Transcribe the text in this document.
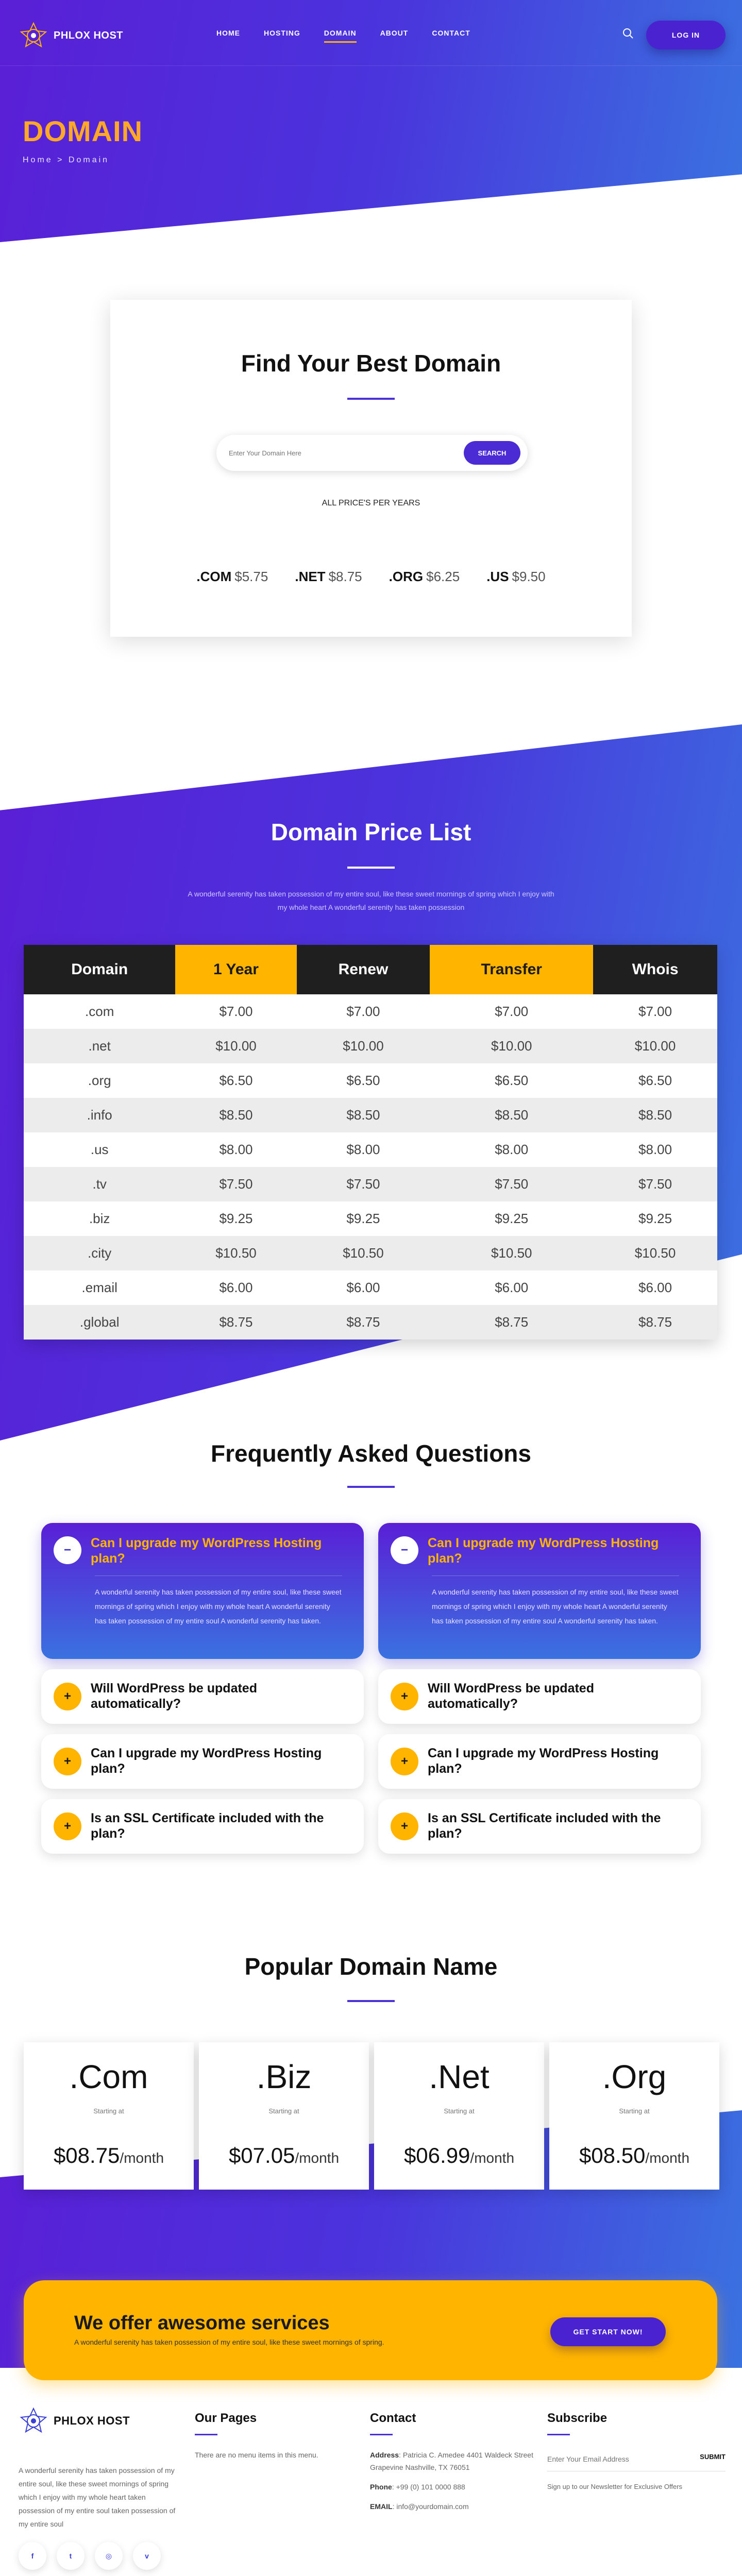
PHLOX HOST	HOME	HOSTING	DOMAIN	ABOUT	CONTACT	LOG IN
DOMAIN
Home > Domain
Find Your Best Domain
Enter Your Domain Here
SEARCH
ALL PRICE'S PER YEARS
.COM $5.75 .NET $8.75 .ORG $6.25 .US $9.50
Domain Price List

A wonderful serenity has taken possession of my entire soul, like these sweet mornings of spring which I enjoy with my whole heart A wonderful serenity has taken possession

Domain	1 Year	Renew	Transfer	Whois
.com	$7.00	$7.00	$7.00	$7.00
.net	$10.00	$10.00	$10.00	$10.00
.org	$6.50	$6.50	$6.50	$6.50
.info	$8.50	$8.50	$8.50	$8.50
.us	$8.00	$8.00	$8.00	$8.00
.tv	$7.50	$7.50	$7.50	$7.50
.biz	$9.25	$9.25	$9.25	$9.25
.city	$10.50	$10.50	$10.50	$10.50
.email	$6.00	$6.00	$6.00	$6.00
.global	$8.75	$8.75	$8.75	$8.75
Frequently Asked Questions
−	Can I upgrade my WordPress Hosting plan?
A wonderful serenity has taken possession of my entire soul, like these sweet mornings of spring which I enjoy with my whole heart A wonderful serenity has taken possession of my entire soul A wonderful serenity has taken.
+
Will WordPress be updated automatically?
+
Can I upgrade my WordPress Hosting plan?
+
Is an SSL Certificate included with the plan?
−	Can I upgrade my WordPress Hosting plan?
A wonderful serenity has taken possession of my entire soul, like these sweet mornings of spring which I enjoy with my whole heart A wonderful serenity has taken possession of my entire soul A wonderful serenity has taken.
+
Will WordPress be updated automatically?
+
Can I upgrade my WordPress Hosting plan?
+
Is an SSL Certificate included with the plan?
Popular Domain Name
.Com
Starting at
$08.75/month
.Biz
Starting at
$07.05/month
.Net
Starting at
$06.99/month
.Org
Starting at
$08.50/month
We offer awesome services

A wonderful serenity has taken possession of my entire soul, like these sweet mornings of spring.

GET START NOW!
PHLOX HOST

A wonderful serenity has taken possession of my entire soul, like these sweet mornings of spring which I enjoy with my whole heart taken possession of my entire soul taken possession of my entire soul

f	t	◎	v
Our Pages

There are no menu items in this menu.

Contact

Address: Patricia C. Amedee 4401 Waldeck Street Grapevine Nashville, TX 76051

Phone: +99 (0) 101 0000 888

EMAIL: info@yourdomain.com

Subscribe
Enter Your Email Address
SUBMIT

Sign up to our Newsletter for Exclusive Offers
